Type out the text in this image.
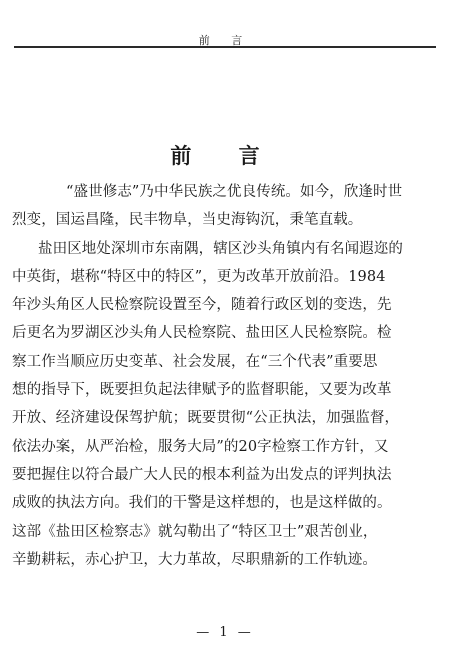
前 言
前 言
“盛世修志”乃中华民族之优良传统。如今，欣逢时世
烈变，国运昌隆，民丰物阜，当史海钩沉，秉笔直载。
盐田区地处深圳市东南隅，辖区沙头角镇内有名闻遐迩的
中英街，堪称“特区中的特区”，更为改革开放前沿。1984
年沙头角区人民检察院设置至今，随着行政区划的变迭，先
后更名为罗湖区沙头角人民检察院、盐田区人民检察院。检
察工作当顺应历史变革、社会发展，在“三个代表”重要思
想的指导下，既要担负起法律赋予的监督职能，又要为改革
开放、经济建设保驾护航；既要贯彻“公正执法，加强监督，
依法办案，从严治检，服务大局”的20字检察工作方针，又
要把握住以符合最广大人民的根本利益为出发点的评判执法
成败的执法方向。我们的干警是这样想的，也是这样做的。
这部《盐田区检察志》就勾勒出了“特区卫士”艰苦创业，
辛勤耕耘，赤心护卫，大力革故，尽职鼎新的工作轨迹。
— 1 —
